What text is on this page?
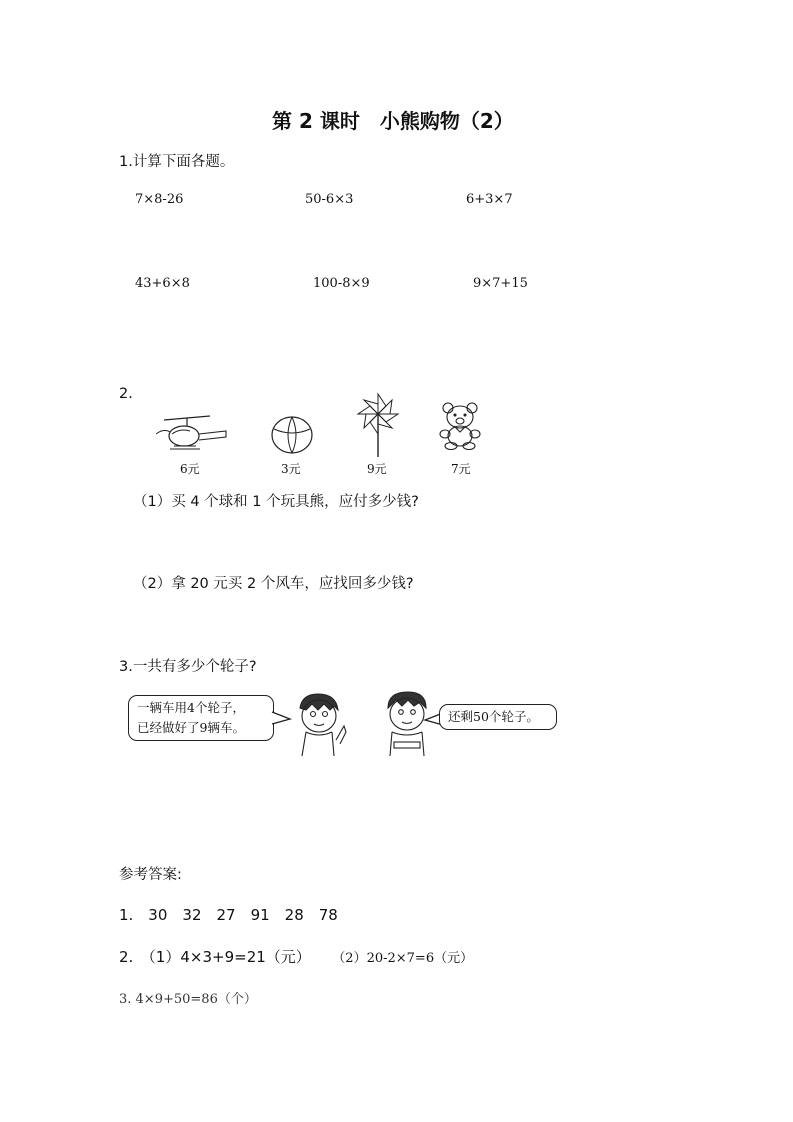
第 2 课时　小熊购物（2）
1.计算下面各题。
7×8-26	50-6×3	6+3×7
43+6×8	100-8×9	9×7+15
2.
6元	3元	9元	7元
（1）买 4 个球和 1 个玩具熊，应付多少钱?
（2）拿 20 元买 2 个风车，应找回多少钱?
3.一共有多少个轮子?
一辆车用4个轮子，
已经做好了9辆车。
还剩50个轮子。
参考答案:
1.　30　32　27　91　28　78
2.　（1）4×3+9=21（元） （2）20-2×7=6（元）
3. 4×9+50=86（个）
